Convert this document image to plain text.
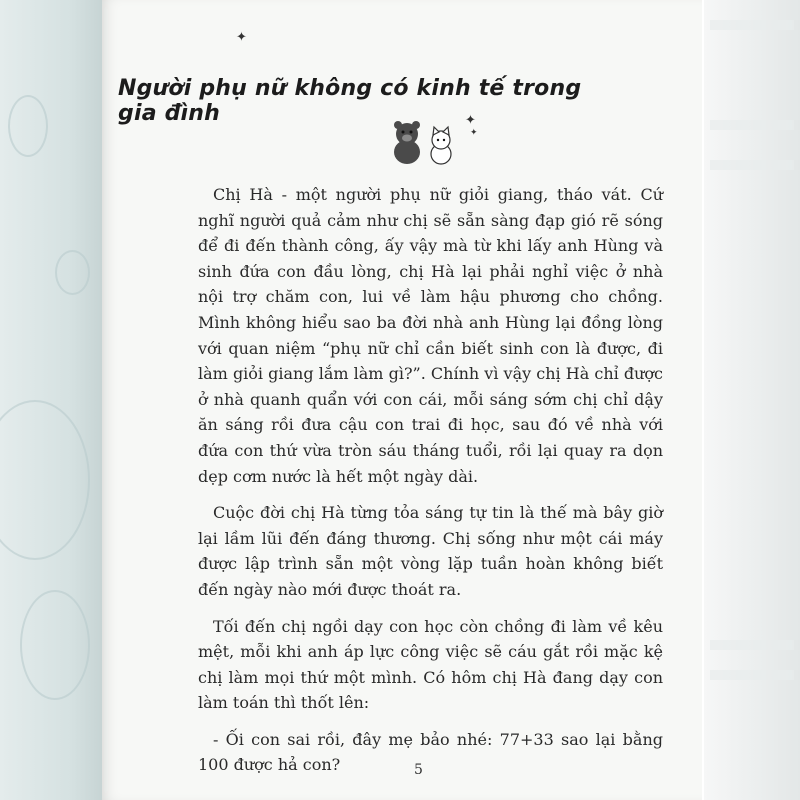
✦
Người phụ nữ không có kinh tế trong gia đình	✦
✦

Chị Hà - một người phụ nữ giỏi giang, tháo vát. Cứ nghĩ người quả cảm như chị sẽ sẵn sàng đạp gió rẽ sóng để đi đến thành công, ấy vậy mà từ khi lấy anh Hùng và sinh đứa con đầu lòng, chị Hà lại phải nghỉ việc ở nhà nội trợ chăm con, lui về làm hậu phương cho chồng. Mình không hiểu sao ba đời nhà anh Hùng lại đồng lòng với quan niệm “phụ nữ chỉ cần biết sinh con là được, đi làm giỏi giang lắm làm gì?”. Chính vì vậy chị Hà chỉ được ở nhà quanh quẩn với con cái, mỗi sáng sớm chị chỉ dậy ăn sáng rồi đưa cậu con trai đi học, sau đó về nhà với đứa con thứ vừa tròn sáu tháng tuổi, rồi lại quay ra dọn dẹp cơm nước là hết một ngày dài.

Cuộc đời chị Hà từng tỏa sáng tự tin là thế mà bây giờ lại lầm lũi đến đáng thương. Chị sống như một cái máy được lập trình sẵn một vòng lặp tuần hoàn không biết đến ngày nào mới được thoát ra.

Tối đến chị ngồi dạy con học còn chồng đi làm về kêu mệt, mỗi khi anh áp lực công việc sẽ cáu gắt rồi mặc kệ chị làm mọi thứ một mình. Có hôm chị Hà đang dạy con làm toán thì thốt lên:

- Ối con sai rồi, đây mẹ bảo nhé: 77+33 sao lại bằng 100 được hả con?	5
